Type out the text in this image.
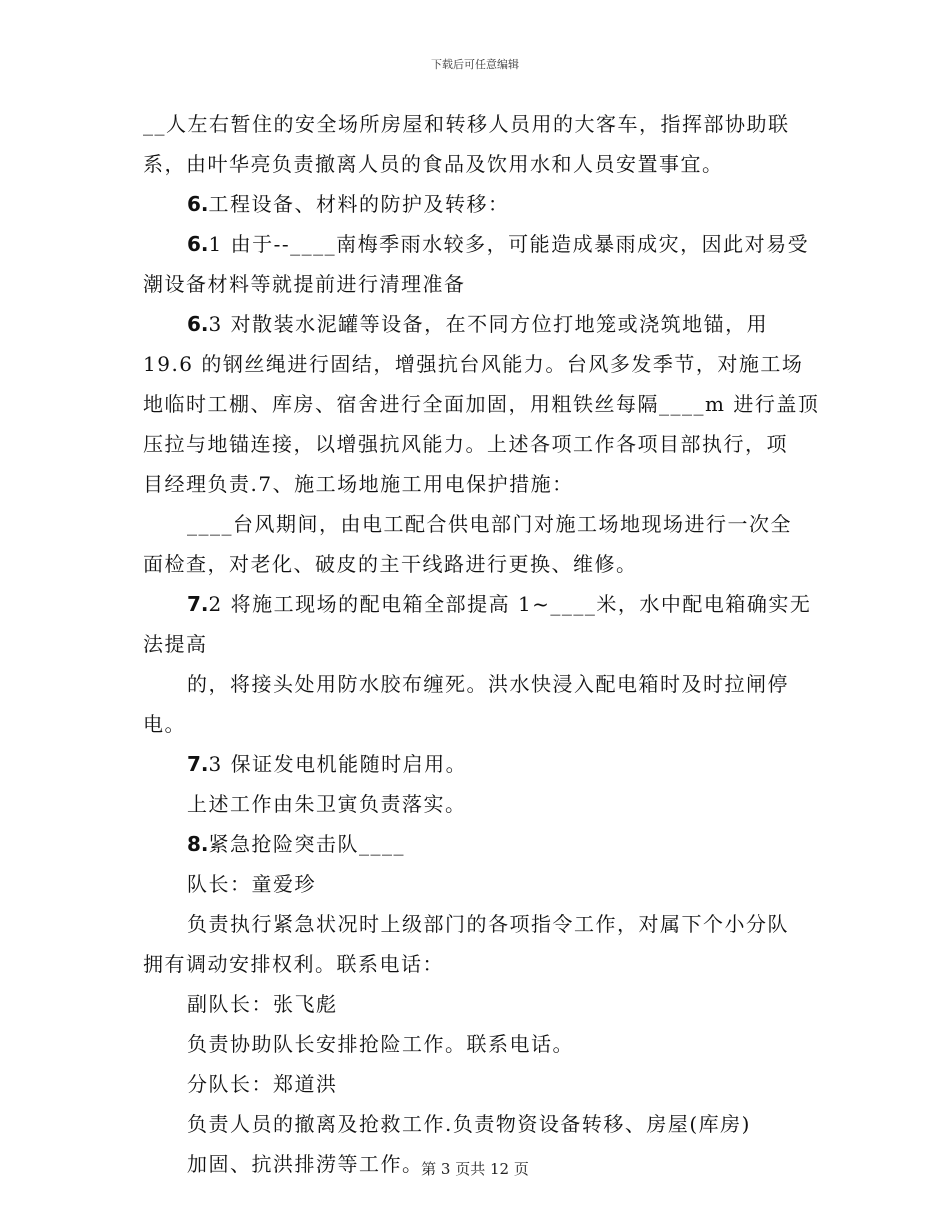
下载后可任意编辑
__人左右暂住的安全场所房屋和转移人员用的大客车，指挥部协助联
系，由叶华亮负责撤离人员的食品及饮用水和人员安置事宜。
6.工程设备、材料的防护及转移：
6.1 由于--____南梅季雨水较多，可能造成暴雨成灾，因此对易受
潮设备材料等就提前进行清理准备
6.3 对散装水泥罐等设备，在不同方位打地笼或浇筑地锚，用
19.6 的钢丝绳进行固结，增强抗台风能力。台风多发季节，对施工场
地临时工棚、库房、宿舍进行全面加固，用粗铁丝每隔____m 进行盖顶
压拉与地锚连接，以增强抗风能力。上述各项工作各项目部执行，项
目经理负责.7、施工场地施工用电保护措施：
____台风期间，由电工配合供电部门对施工场地现场进行一次全
面检查，对老化、破皮的主干线路进行更换、维修。
7.2 将施工现场的配电箱全部提高 1~____米，水中配电箱确实无
法提高
的，将接头处用防水胶布缠死。洪水快浸入配电箱时及时拉闸停
电。
7.3 保证发电机能随时启用。
上述工作由朱卫寅负责落实。
8.紧急抢险突击队____
队长：童爱珍
负责执行紧急状况时上级部门的各项指令工作，对属下个小分队
拥有调动安排权利。联系电话：
副队长：张飞彪
负责协助队长安排抢险工作。联系电话。
分队长：郑道洪
负责人员的撤离及抢救工作.负责物资设备转移、房屋(库房)
加固、抗洪排涝等工作。
第 3 页共 12 页
